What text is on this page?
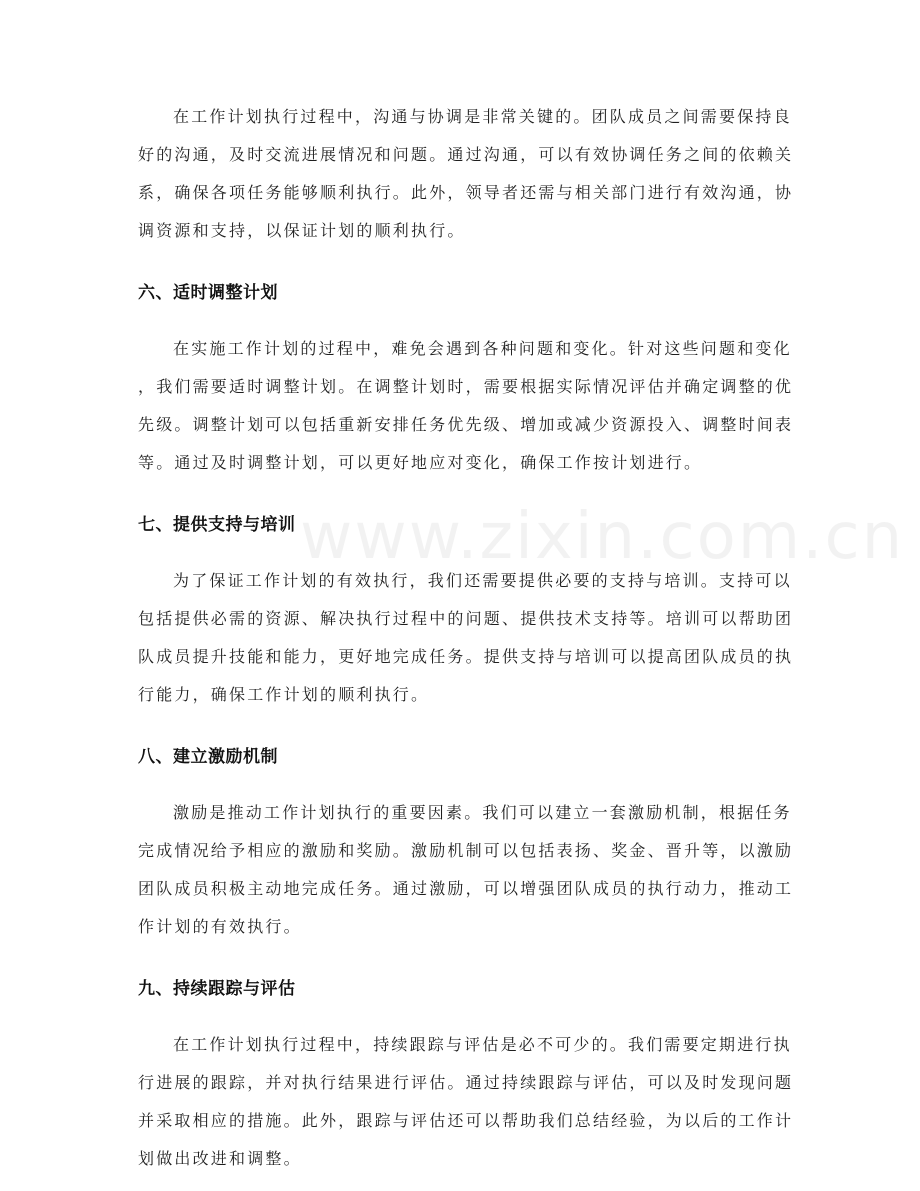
www.zixin.com.cn

在工作计划执行过程中，沟通与协调是非常关键的。团队成员之间需要保持良
好的沟通，及时交流进展情况和问题。通过沟通，可以有效协调任务之间的依赖关
系，确保各项任务能够顺利执行。此外，领导者还需与相关部门进行有效沟通，协
调资源和支持，以保证计划的顺利执行。

六、适时调整计划

在实施工作计划的过程中，难免会遇到各种问题和变化。针对这些问题和变化
，我们需要适时调整计划。在调整计划时，需要根据实际情况评估并确定调整的优
先级。调整计划可以包括重新安排任务优先级、增加或减少资源投入、调整时间表
等。通过及时调整计划，可以更好地应对变化，确保工作按计划进行。

七、提供支持与培训

为了保证工作计划的有效执行，我们还需要提供必要的支持与培训。支持可以
包括提供必需的资源、解决执行过程中的问题、提供技术支持等。培训可以帮助团
队成员提升技能和能力，更好地完成任务。提供支持与培训可以提高团队成员的执
行能力，确保工作计划的顺利执行。

八、建立激励机制

激励是推动工作计划执行的重要因素。我们可以建立一套激励机制，根据任务
完成情况给予相应的激励和奖励。激励机制可以包括表扬、奖金、晋升等，以激励
团队成员积极主动地完成任务。通过激励，可以增强团队成员的执行动力，推动工
作计划的有效执行。

九、持续跟踪与评估

在工作计划执行过程中，持续跟踪与评估是必不可少的。我们需要定期进行执
行进展的跟踪，并对执行结果进行评估。通过持续跟踪与评估，可以及时发现问题
并采取相应的措施。此外，跟踪与评估还可以帮助我们总结经验，为以后的工作计
划做出改进和调整。
